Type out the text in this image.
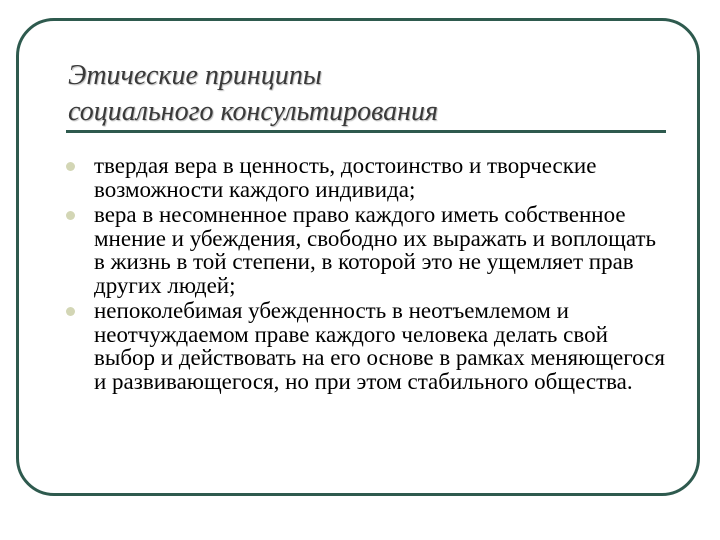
Этические принципы
социального консультирования
твердая вера в ценность, достоинство и творческие возможности каждого индивида;
вера в несомненное право каждого иметь собственное мнение и убеждения, свободно их выражать и воплощать в жизнь в той степени, в которой это не ущемляет прав других людей;
непоколебимая убежденность в неотъемлемом и неотчуждаемом праве каждого человека делать свой выбор и действовать на его основе в рамках меняющегося и развивающегося, но при этом стабильного общества.
